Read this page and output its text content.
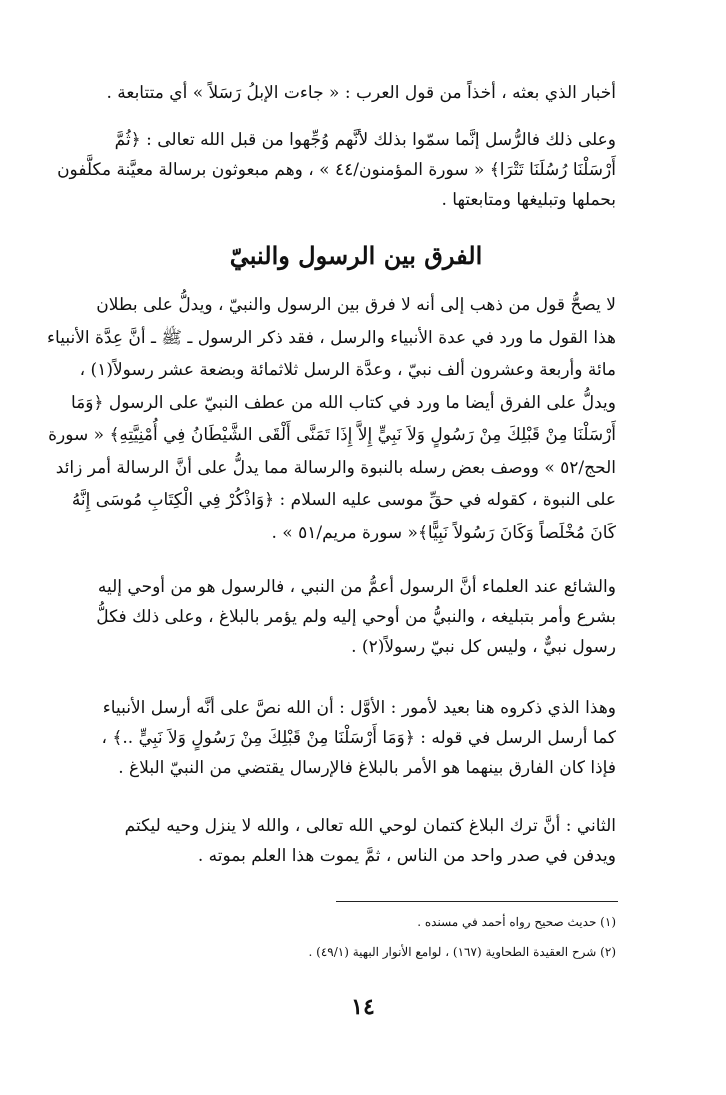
أخبار الذي بعثه ، أخذاً من قول العرب : « جاءت الإبلُ رَسَلاً » أي متتابعة .
وعلى ذلك فالرُّسل إنَّما سمّوا بذلك لأنَّهم وُجِّهوا من قبل الله تعالى : ﴿ثُمَّ
أَرْسَلْنَا رُسُلَنَا تَتْرَا﴾ « سورة المؤمنون/٤٤ » ، وهم مبعوثون برسالة معيَّنة مكلَّفون
بحملها وتبليغها ومتابعتها .
الفرق بين الرسول والنبيّ
لا يصحُّ قول من ذهب إلى أنه لا فرق بين الرسول والنبيّ ، ويدلُّ على بطلان
هذا القول ما ورد في عدة الأنبياء والرسل ، فقد ذكر الرسول ـ ﷺ ـ أنَّ عِدَّة الأنبياء
مائة وأربعة وعشرون ألف نبيّ ، وعدَّة الرسل ثلاثمائة وبضعة عشر رسولاً(١) ،
ويدلُّ على الفرق أيضا ما ورد في كتاب الله من عطف النبيّ على الرسول ﴿وَمَا
أَرْسَلْنَا مِنْ قَبْلِكَ مِنْ رَسُولٍ وَلاَ نَبِيٍّ إِلاَّ إِذَا تَمَنَّى أَلْقَى الشَّيْطَانُ فِي أُمْنِيَّتِهِ﴾ « سورة
الحج/٥٢ » ووصف بعض رسله بالنبوة والرسالة مما يدلُّ على أنَّ الرسالة أمر زائد
على النبوة ، كقوله في حقِّ موسى عليه السلام : ﴿وَاذْكُرْ فِي الْكِتَابِ مُوسَى إِنَّهُ
كَانَ مُخْلَصاً وَكَانَ رَسُولاً نَبِيًّا﴾« سورة مريم/٥١ » .
والشائع عند العلماء أنَّ الرسول أعمُّ من النبي ، فالرسول هو من أوحي إليه
بشرع وأمر بتبليغه ، والنبيُّ من أوحي إليه ولم يؤمر بالبلاغ ، وعلى ذلك فكلُّ
رسول نبيٌّ ، وليس كل نبيّ رسولاً(٢) .
وهذا الذي ذكروه هنا بعيد لأمور : الأوَّل : أن الله نصَّ على أنَّه أرسل الأنبياء
كما أرسل الرسل في قوله : ﴿وَمَا أَرْسَلْنَا مِنْ قَبْلِكَ مِنْ رَسُولٍ وَلاَ نَبِيٍّ ..﴾ ،
فإذا كان الفارق بينهما هو الأمر بالبلاغ فالإرسال يقتضي من النبيّ البلاغ .
الثاني : أنَّ ترك البلاغ كتمان لوحي الله تعالى ، والله لا ينزل وحيه ليكتم
ويدفن في صدر واحد من الناس ، ثمَّ يموت هذا العلم بموته .
(١) حديث صحيح رواه أحمد في مسنده .
(٢) شرح العقيدة الطحاوية (١٦٧) ، لوامع الأنوار البهية (٤٩/١) .
١٤
